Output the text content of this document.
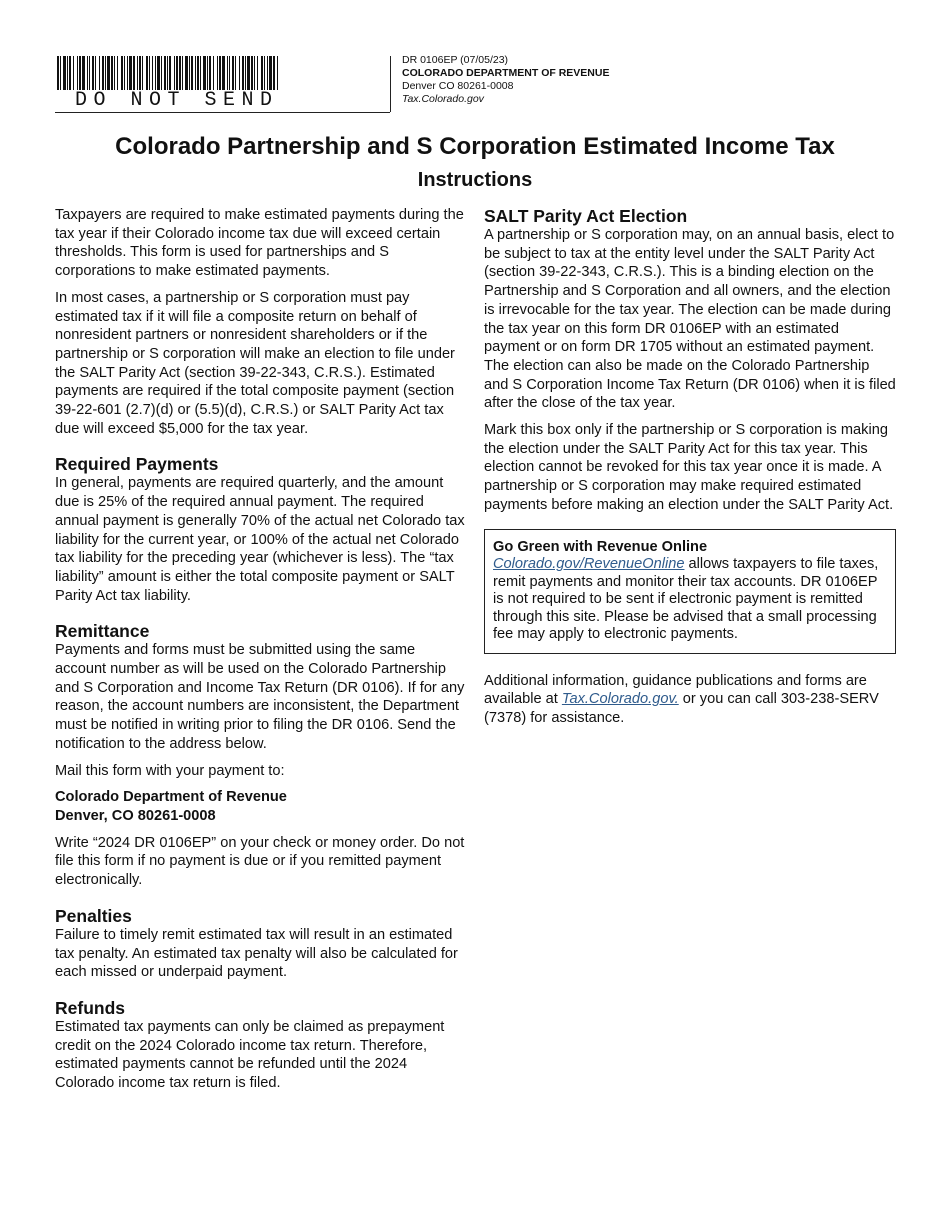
DO NOT SEND
DR 0106EP (07/05/23)
COLORADO DEPARTMENT OF REVENUE
Denver CO 80261-0008
Tax.Colorado.gov
Colorado Partnership and S Corporation Estimated Income Tax
Instructions

Taxpayers are required to make estimated payments during the tax year if their Colorado income tax due will exceed certain thresholds. This form is used for partnerships and S corporations to make estimated payments.

In most cases, a partnership or S corporation must pay estimated tax if it will file a composite return on behalf of nonresident partners or nonresident shareholders or if the partnership or S corporation will make an election to file under the SALT Parity Act (section 39-22-343, C.R.S.). Estimated payments are required if the total composite payment (section 39-22-601 (2.7)(d) or (5.5)(d), C.R.S.) or SALT Parity Act tax due will exceed $5,000 for the tax year.

Required Payments

In general, payments are required quarterly, and the amount due is 25% of the required annual payment. The required annual payment is generally 70% of the actual net Colorado tax liability for the current year, or 100% of the actual net Colorado tax liability for the preceding year (whichever is less). The “tax liability” amount is either the total composite payment or SALT Parity Act tax liability.

Remittance

Payments and forms must be submitted using the same account number as will be used on the Colorado Partnership and S Corporation and Income Tax Return (DR 0106). If for any reason, the account numbers are inconsistent, the Department must be notified in writing prior to filing the DR 0106. Send the notification to the address below.

Mail this form with your payment to:

Colorado Department of Revenue
Denver, CO 80261-0008

Write “2024 DR 0106EP” on your check or money order. Do not file this form if no payment is due or if you remitted payment electronically.

Penalties

Failure to timely remit estimated tax will result in an estimated tax penalty. An estimated tax penalty will also be calculated for each missed or underpaid payment.

Refunds

Estimated tax payments can only be claimed as prepayment credit on the 2024 Colorado income tax return. Therefore, estimated payments cannot be refunded until the 2024 Colorado income tax return is filed.

SALT Parity Act Election

A partnership or S corporation may, on an annual basis, elect to be subject to tax at the entity level under the SALT Parity Act (section 39-22-343, C.R.S.). This is a binding election on the Partnership and S Corporation and all owners, and the election is irrevocable for the tax year. The election can be made during the tax year on this form DR 0106EP with an estimated payment or on form DR 1705 without an estimated payment. The election can also be made on the Colorado Partnership and S Corporation Income Tax Return (DR 0106) when it is filed after the close of the tax year.

Mark this box only if the partnership or S corporation is making the election under the SALT Parity Act for this tax year. This election cannot be revoked for this tax year once it is made. A partnership or S corporation may make required estimated payments before making an election under the SALT Parity Act.

Go Green with Revenue Online
Colorado.gov/RevenueOnline allows taxpayers to file taxes, remit payments and monitor their tax accounts. DR 0106EP is not required to be sent if electronic payment is remitted through this site. Please be advised that a small processing fee may apply to electronic payments.

Additional information, guidance publications and forms are available at Tax.Colorado.gov. or you can call 303-238-SERV (7378) for assistance.
